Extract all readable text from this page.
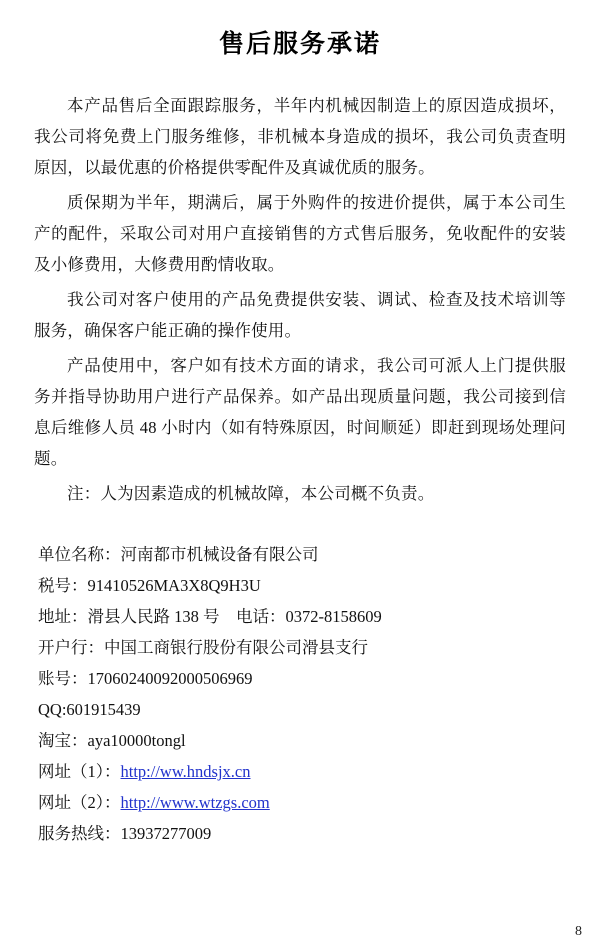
售后服务承诺

本产品售后全面跟踪服务，半年内机械因制造上的原因造成损坏，我公司将免费上门服务维修，非机械本身造成的损坏，我公司负责查明原因，以最优惠的价格提供零配件及真诚优质的服务。

质保期为半年，期满后，属于外购件的按进价提供，属于本公司生产的配件，采取公司对用户直接销售的方式售后服务，免收配件的安装及小修费用，大修费用酌情收取。

我公司对客户使用的产品免费提供安装、调试、检查及技术培训等服务，确保客户能正确的操作使用。

产品使用中，客户如有技术方面的请求，我公司可派人上门提供服务并指导协助用户进行产品保养。如产品出现质量问题，我公司接到信息后维修人员 48 小时内（如有特殊原因，时间顺延）即赶到现场处理问题。

注：人为因素造成的机械故障，本公司概不负责。

单位名称：河南都市机械设备有限公司
税号：91410526MA3X8Q9H3U
地址：滑县人民路 138 号    电话：0372-8158609
开户行：中国工商银行股份有限公司滑县支行
账号：17060240092000506969
QQ:601915439
淘宝：aya10000tongl
网址（1）：http://ww.hndsjx.cn
网址（2）：http://www.wtzgs.com
服务热线：13937277009
8
